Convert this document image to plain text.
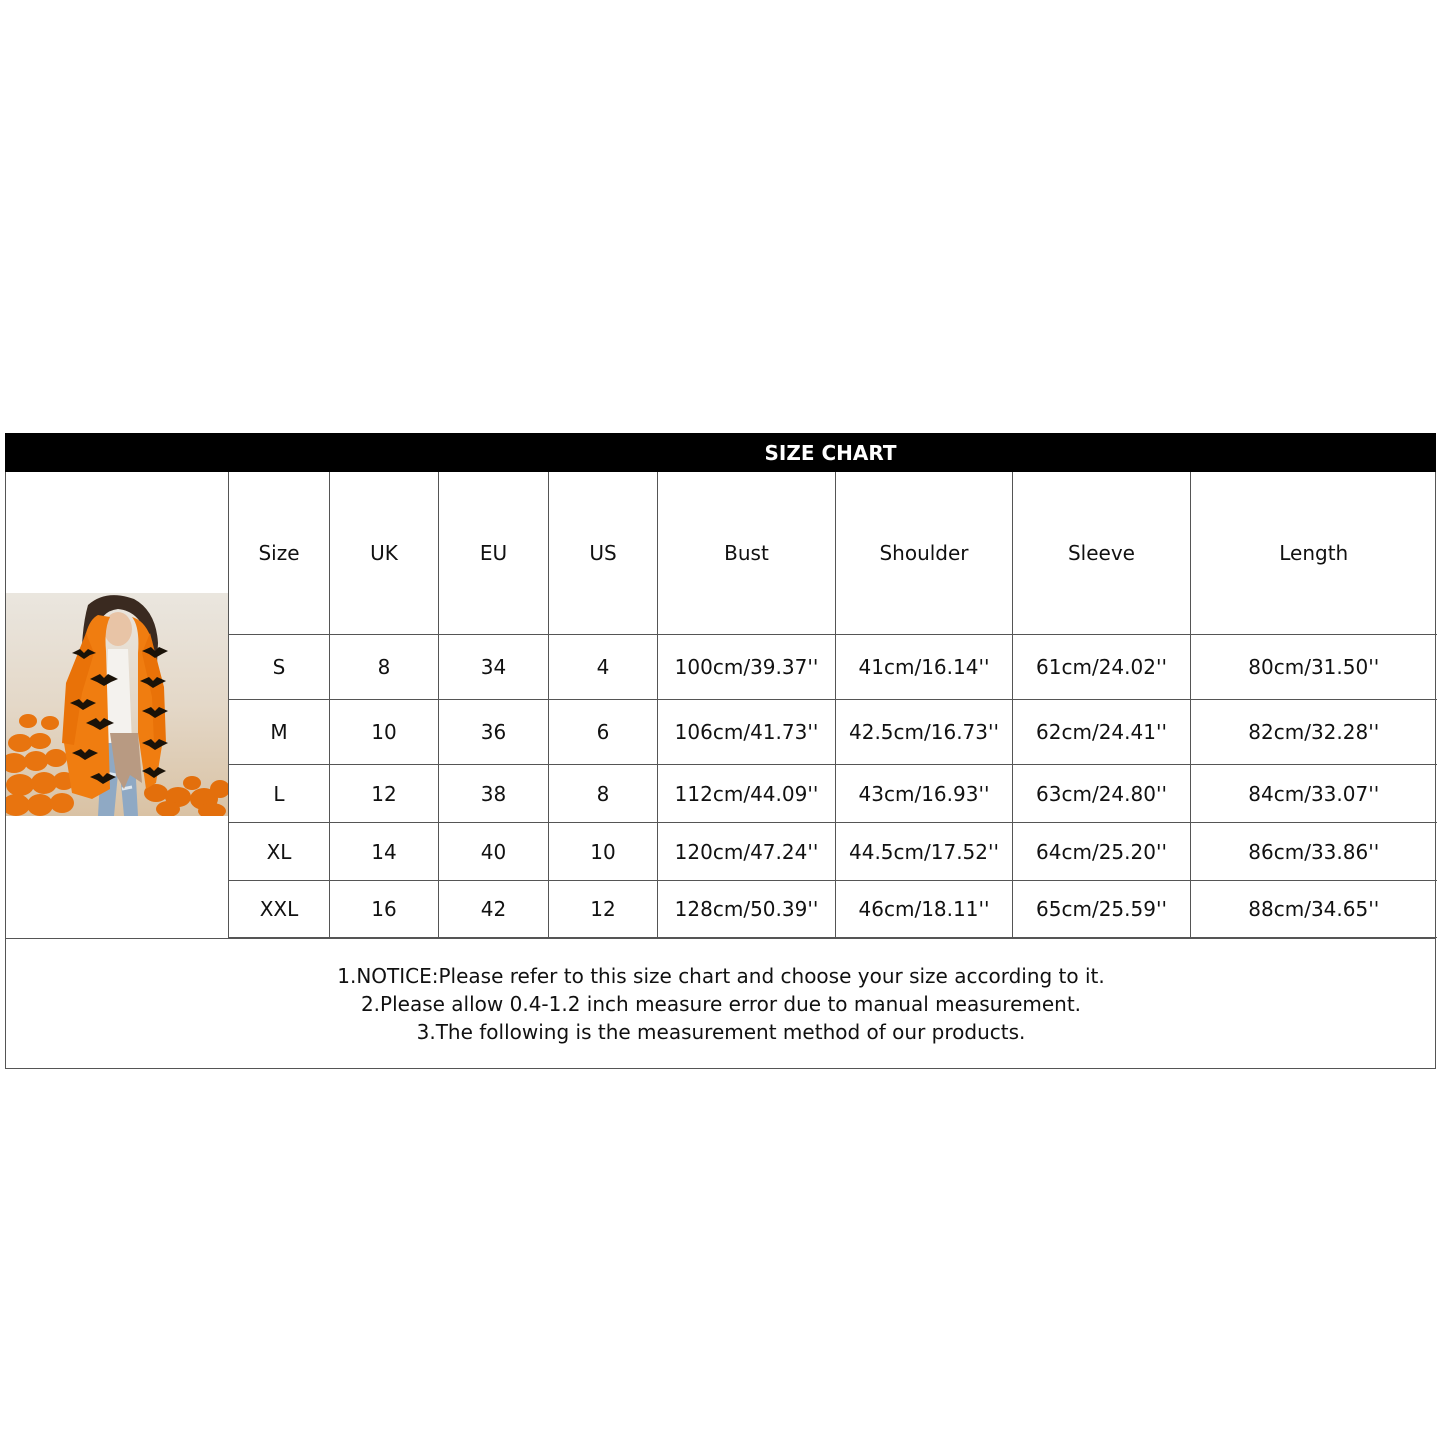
SIZE CHART
Size	UK	EU	US	Bust	Shoulder	Sleeve	Length
S	8	34	4	100cm/39.37''	41cm/16.14''	61cm/24.02''	80cm/31.50''
M	10	36	6	106cm/41.73''	42.5cm/16.73''	62cm/24.41''	82cm/32.28''
L	12	38	8	112cm/44.09''	43cm/16.93''	63cm/24.80''	84cm/33.07''
XL	14	40	10	120cm/47.24''	44.5cm/17.52''	64cm/25.20''	86cm/33.86''
XXL	16	42	12	128cm/50.39''	46cm/18.11''	65cm/25.59''	88cm/34.65''
1.NOTICE:Please refer to this size chart and choose your size according to it.
2.Please allow 0.4-1.2 inch measure error due to manual measurement.
3.The following is the measurement method of our products.
